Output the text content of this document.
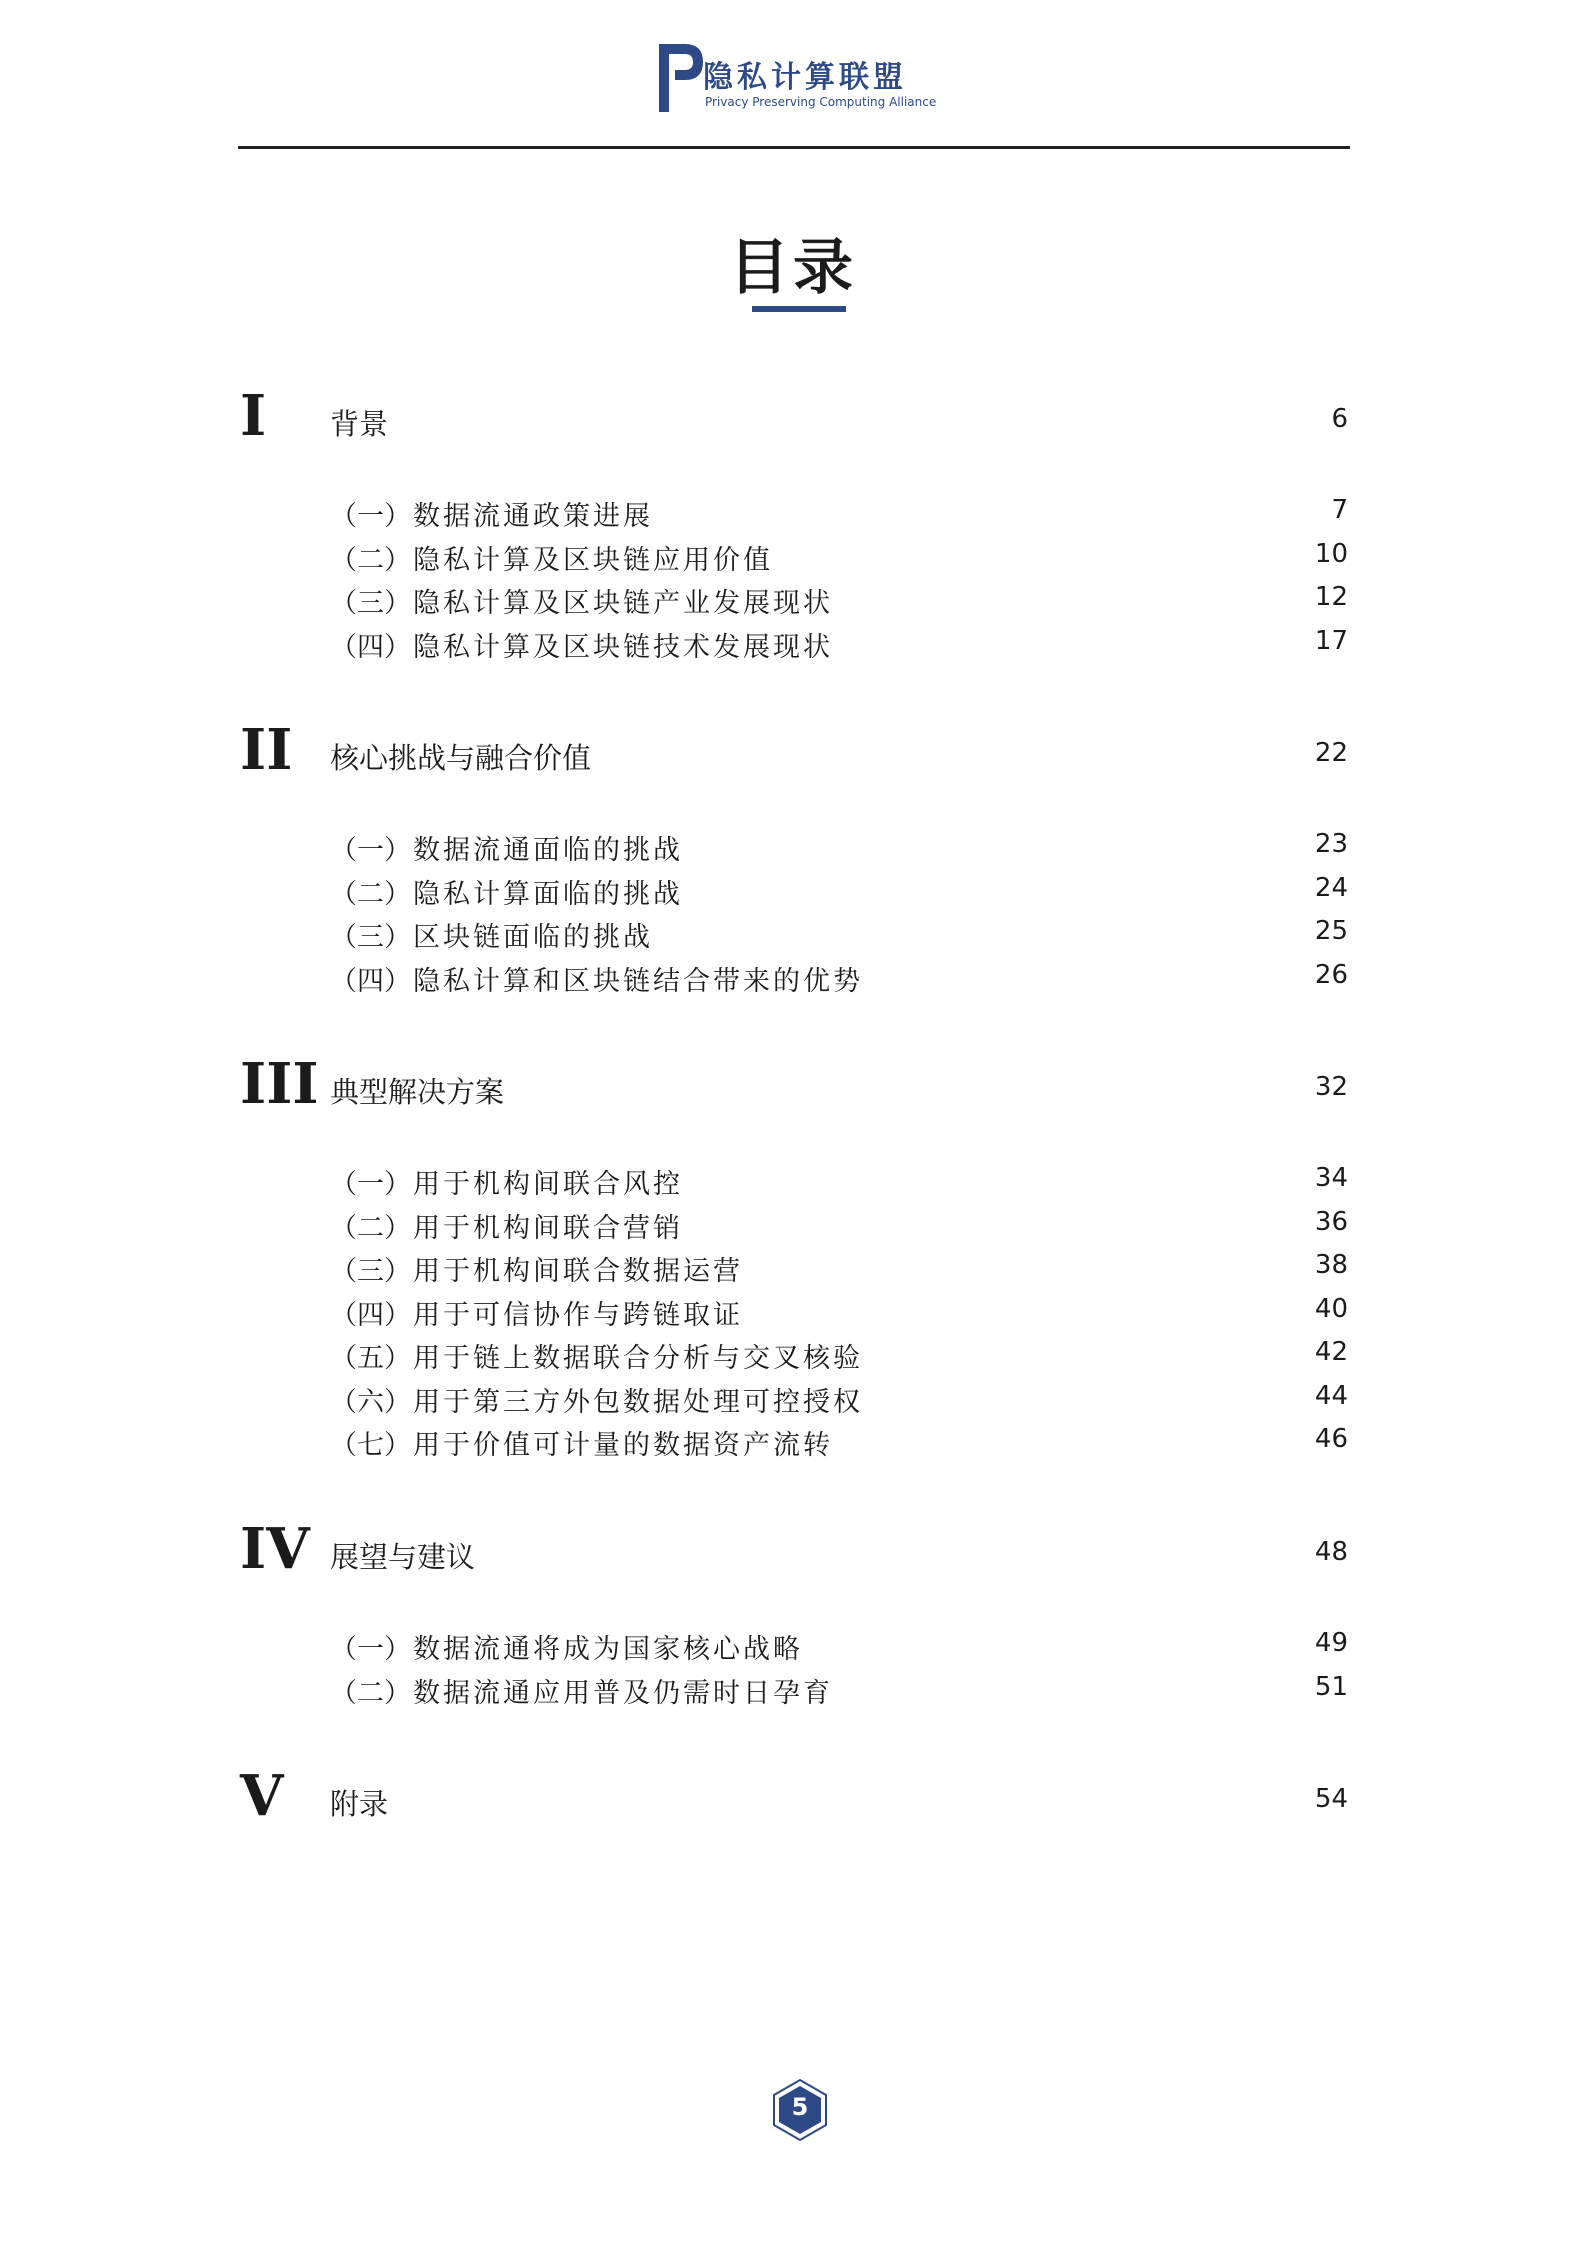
隐私计算联盟
Privacy Preserving Computing Alliance
目录
I 背景	6
（一） 数据流通政策进展	7
（二） 隐私计算及区块链应用价值	10
（三） 隐私计算及区块链产业发展现状	12
（四） 隐私计算及区块链技术发展现状	17
II 核心挑战与融合价值	22
（一） 数据流通面临的挑战	23
（二） 隐私计算面临的挑战	24
（三） 区块链面临的挑战	25
（四） 隐私计算和区块链结合带来的优势	26
III 典型解决方案	32
（一） 用于机构间联合风控	34
（二） 用于机构间联合营销	36
（三） 用于机构间联合数据运营	38
（四） 用于可信协作与跨链取证	40
（五） 用于链上数据联合分析与交叉核验	42
（六） 用于第三方外包数据处理可控授权	44
（七） 用于价值可计量的数据资产流转	46
IV 展望与建议	48
（一） 数据流通将成为国家核心战略	49
（二） 数据流通应用普及仍需时日孕育	51
V 附录	54
5
